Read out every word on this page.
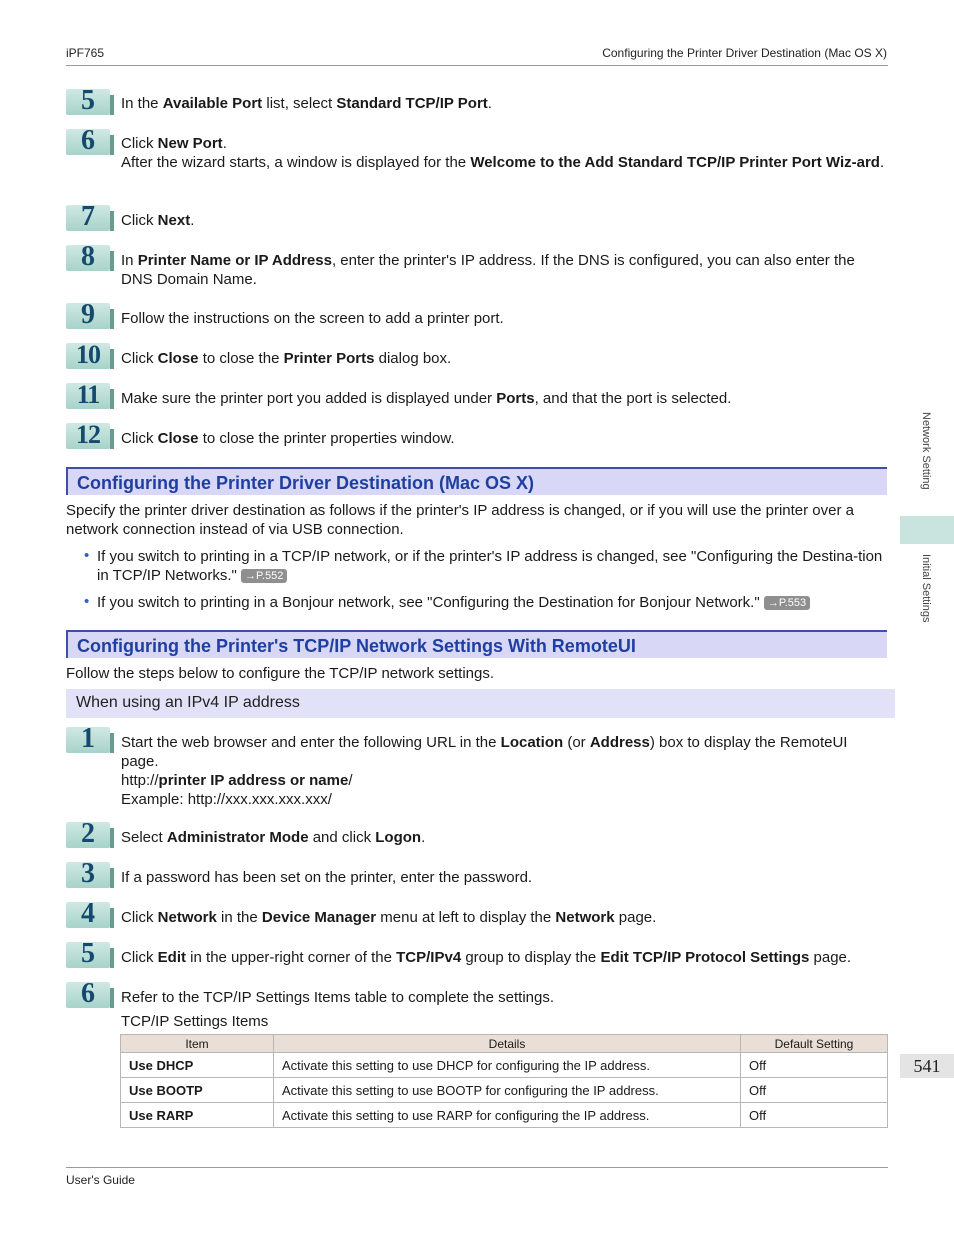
iPF765	Configuring the Printer Driver Destination (Mac OS X)
5	In the Available Port list, select Standard TCP/IP Port.
6	Click New Port.
After the wizard starts, a window is displayed for the Welcome to the Add Standard TCP/IP Printer Port Wiz-ard.
7	Click Next.
8	In Printer Name or IP Address, enter the printer's IP address. If the DNS is configured, you can also enter the DNS Domain Name.
9	Follow the instructions on the screen to add a printer port.
10	Click Close to close the Printer Ports dialog box.
11	Make sure the printer port you added is displayed under Ports, and that the port is selected.
12	Click Close to close the printer properties window.
Configuring the Printer Driver Destination (Mac OS X)
Specify the printer driver destination as follows if the printer's IP address is changed, or if you will use the printer over a network connection instead of via USB connection.
• If you switch to printing in a TCP/IP network, or if the printer's IP address is changed, see "Configuring the Destina-tion in TCP/IP Networks." →P.552
• If you switch to printing in a Bonjour network, see "Configuring the Destination for Bonjour Network." →P.553
Configuring the Printer's TCP/IP Network Settings With RemoteUI
Follow the steps below to configure the TCP/IP network settings.
When using an IPv4 IP address
1	Start the web browser and enter the following URL in the Location (or Address) box to display the RemoteUI page.
http://printer IP address or name/
Example: http://xxx.xxx.xxx.xxx/
2	Select Administrator Mode and click Logon.
3	If a password has been set on the printer, enter the password.
4	Click Network in the Device Manager menu at left to display the Network page.
5	Click Edit in the upper-right corner of the TCP/IPv4 group to display the Edit TCP/IP Protocol Settings page.
6	Refer to the TCP/IP Settings Items table to complete the settings.
TCP/IP Settings Items
Item	Details	Default Setting
Use DHCP	Activate this setting to use DHCP for configuring the IP address.	Off
Use BOOTP	Activate this setting to use BOOTP for configuring the IP address.	Off
Use RARP	Activate this setting to use RARP for configuring the IP address.	Off
Network Setting
Initial Settings
541
User's Guide
